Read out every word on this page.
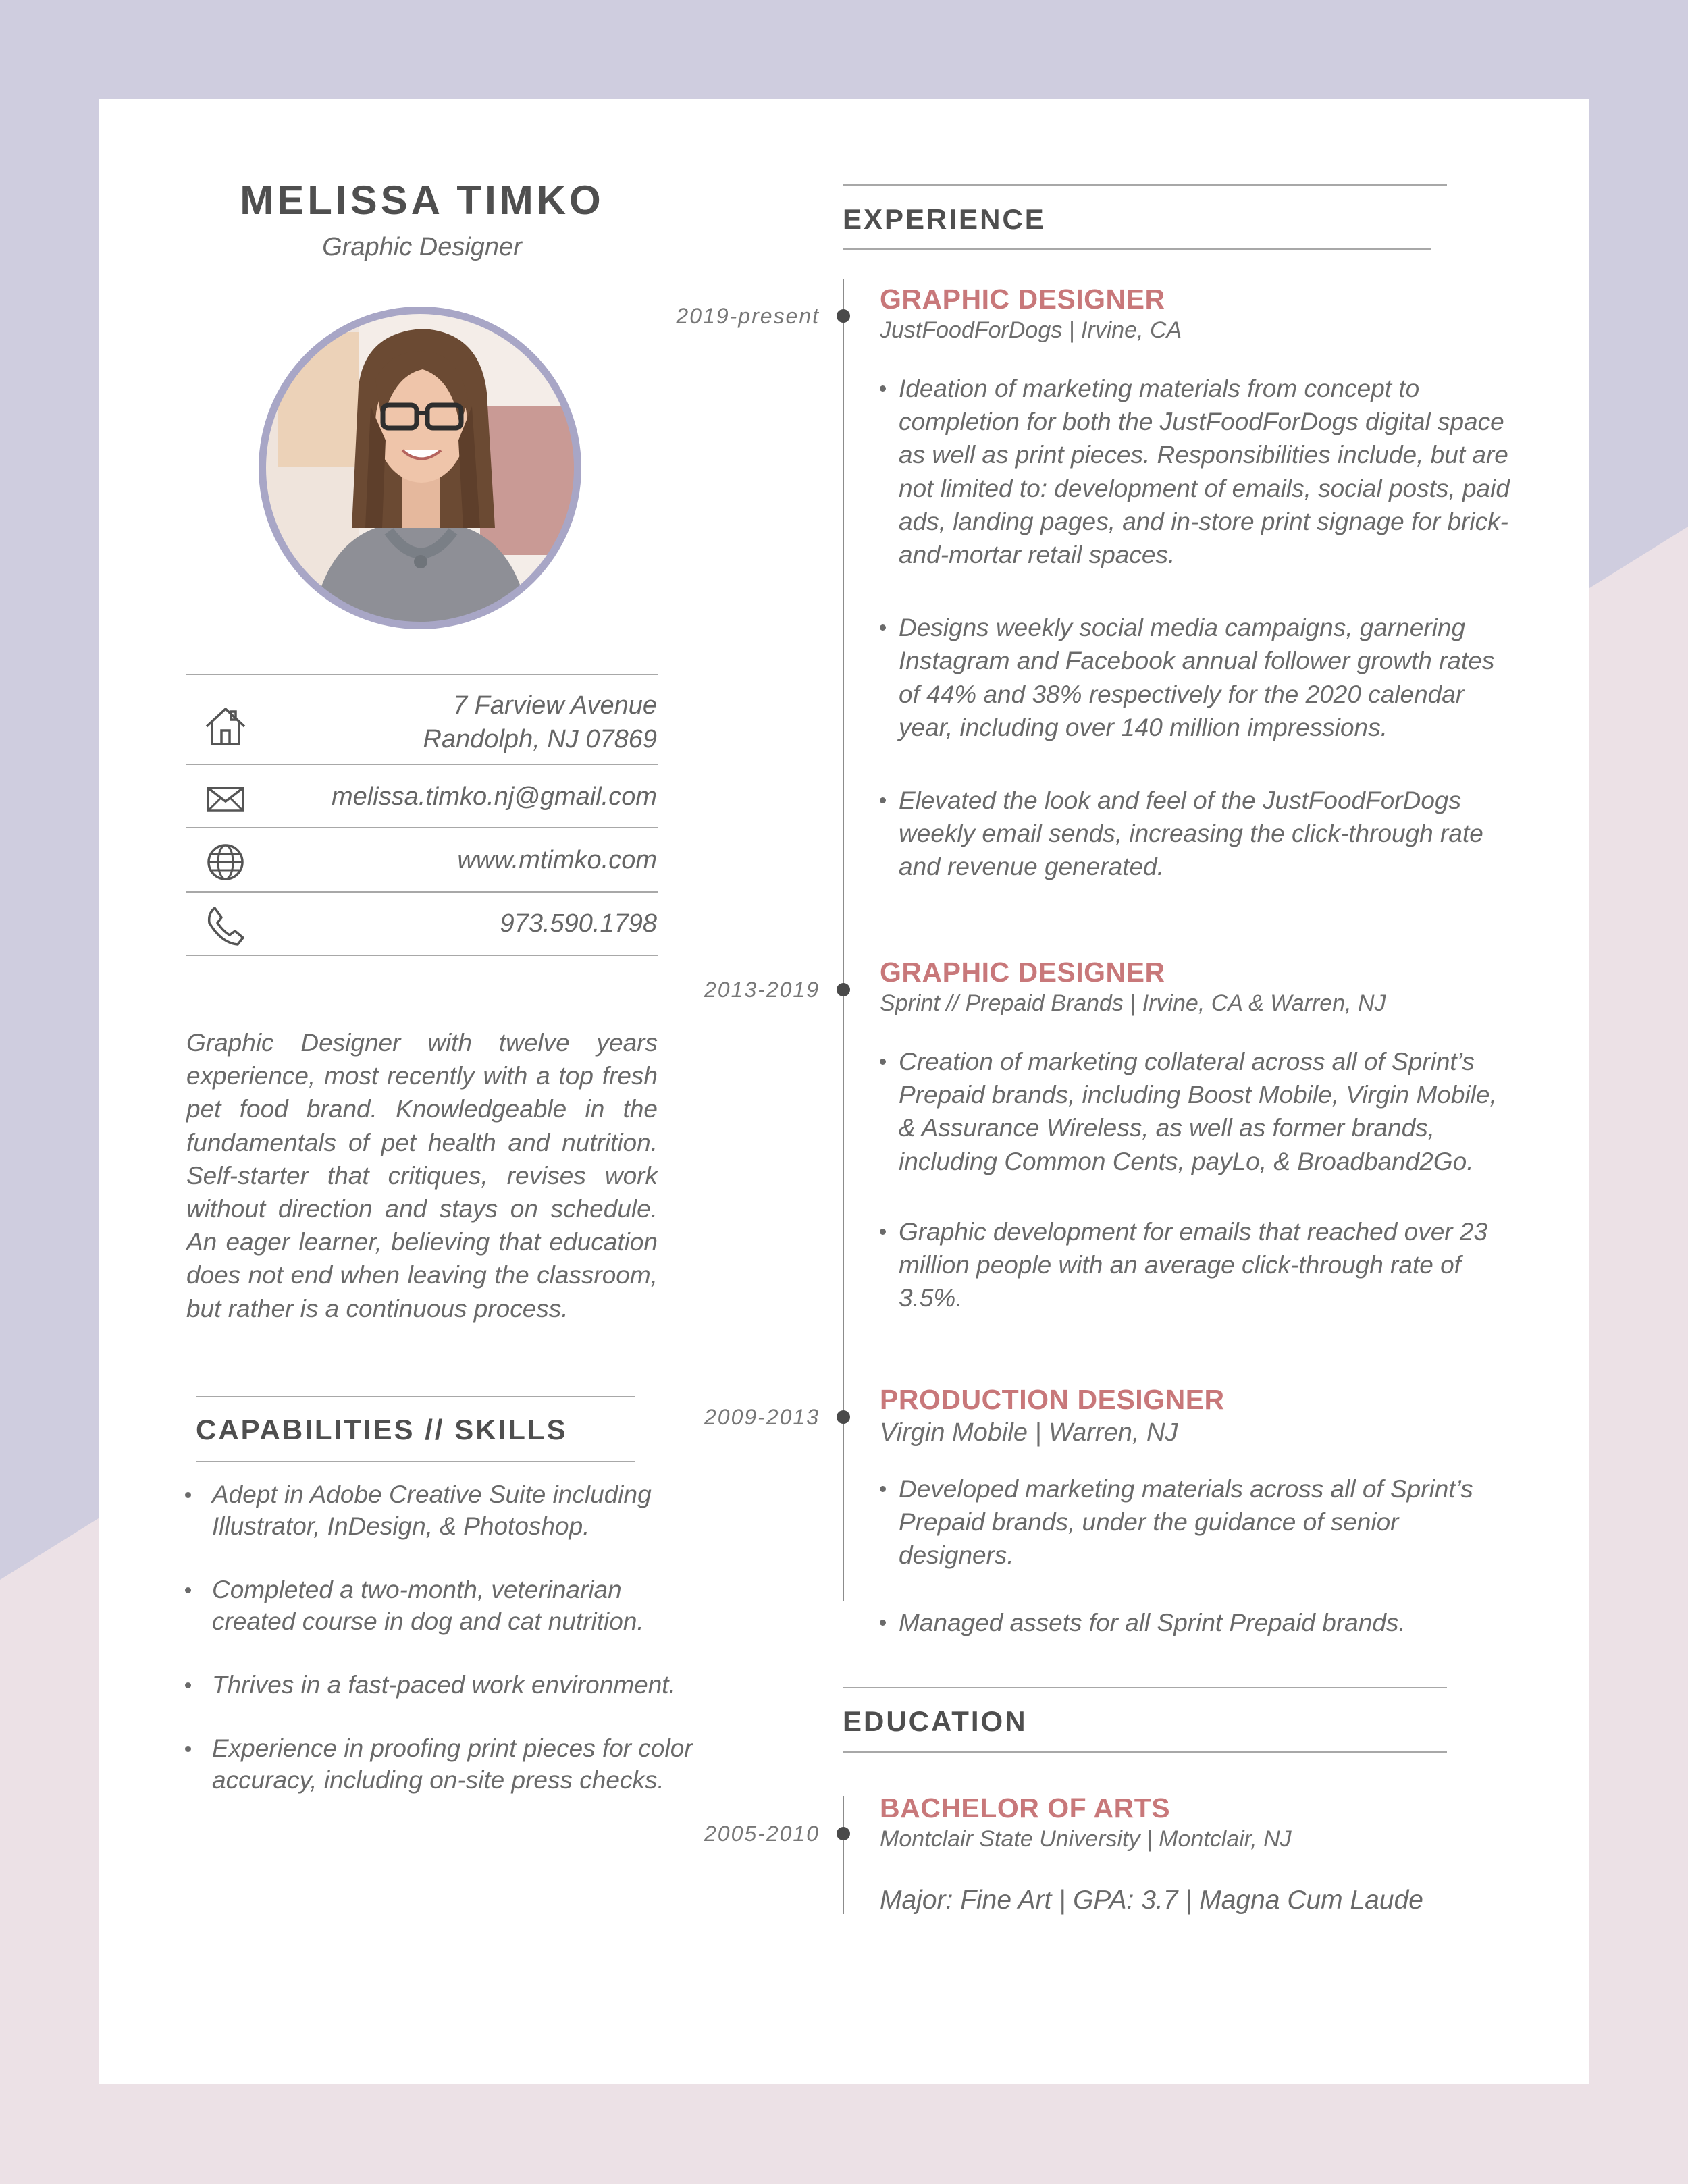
MELISSA TIMKO
Graphic Designer
7 Farview Avenue
Randolph, NJ 07869
melissa.timko.nj@gmail.com
www.mtimko.com
973.590.1798
Graphic Designer with twelve years experience, most recently with a top fresh pet food brand. Knowledgeable in the fundamentals of pet health and nutrition. Self-starter that critiques, revises work without direction and stays on schedule. An eager learner, believing that education does not end when leaving the classroom, but rather is a continuous process.
CAPABILITIES // SKILLS
Adept in Adobe Creative Suite including Illustrator, InDesign, & Photoshop.
Completed a two-month, veterinarian created course in dog and cat nutrition.
Thrives in a fast-paced work environment.
Experience in proofing print pieces for color accuracy, including on-site press checks.
EXPERIENCE
2019-present
GRAPHIC DESIGNER
JustFoodForDogs | Irvine, CA
Ideation of marketing materials from concept to completion for both the JustFoodForDogs digital space as well as print pieces. Responsibilities include, but are not limited to: development of emails, social posts, paid ads, landing pages, and in-store print signage for brick-and-mortar retail spaces.
Designs weekly social media campaigns, garnering Instagram and Facebook annual follower growth rates of 44% and 38% respectively for the 2020 calendar year, including over 140 million impressions.
Elevated the look and feel of the JustFoodForDogs weekly email sends, increasing the click-through rate and revenue generated.
2013-2019
GRAPHIC DESIGNER
Sprint // Prepaid Brands | Irvine, CA & Warren, NJ
Creation of marketing collateral across all of Sprint’s Prepaid brands, including Boost Mobile, Virgin Mobile, & Assurance Wireless, as well as former brands, including Common Cents, payLo, & Broadband2Go.
Graphic development for emails that reached over 23 million people with an average click-through rate of 3.5%.
2009-2013
PRODUCTION DESIGNER
Virgin Mobile | Warren, NJ
Developed marketing materials across all of Sprint’s Prepaid brands, under the guidance of senior designers.
Managed assets for all Sprint Prepaid brands.
EDUCATION
2005-2010
BACHELOR OF ARTS
Montclair State University | Montclair, NJ
Major: Fine Art | GPA: 3.7 | Magna Cum Laude
